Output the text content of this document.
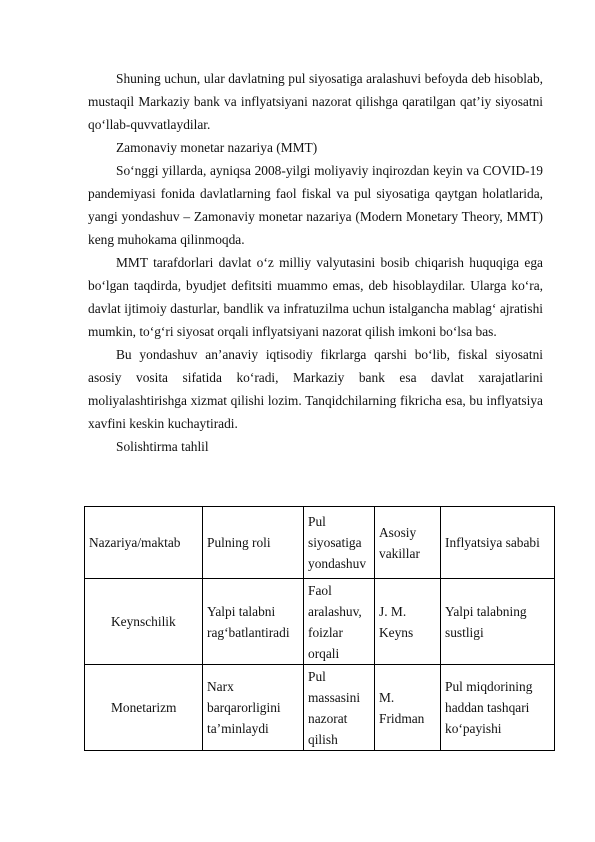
Shuning uchun, ular davlatning pul siyosatiga aralashuvi befoyda deb hisoblab, mustaqil Markaziy bank va inflyatsiyani nazorat qilishga qaratilgan qat’iy siyosatni qo‘llab-quvvatlaydilar.

Zamonaviy monetar nazariya (MMT)

So‘nggi yillarda, ayniqsa 2008-yilgi moliyaviy inqirozdan keyin va COVID-19 pandemiyasi fonida davlatlarning faol fiskal va pul siyosatiga qaytgan holatlarida, yangi yondashuv – Zamonaviy monetar nazariya (Modern Monetary Theory, MMT) keng muhokama qilinmoqda.

MMT tarafdorlari davlat o‘z milliy valyutasini bosib chiqarish huquqiga ega bo‘lgan taqdirda, byudjet defitsiti muammo emas, deb hisoblaydilar. Ularga ko‘ra, davlat ijtimoiy dasturlar, bandlik va infratuzilma uchun istalgancha mablag‘ ajratishi mumkin, to‘g‘ri siyosat orqali inflyatsiyani nazorat qilish imkoni bo‘lsa bas.

Bu yondashuv an’anaviy iqtisodiy fikrlarga qarshi bo‘lib, fiskal siyosatni asosiy vosita sifatida ko‘radi, Markaziy bank esa davlat xarajatlarini moliyalashtirishga xizmat qilishi lozim. Tanqidchilarning fikricha esa, bu inflyatsiya xavfini keskin kuchaytiradi.

Solishtirma tahlil

Nazariya/maktab	Pulning roli	Pul siyosatiga yondashuv	Asosiy vakillar	Inflyatsiya sababi
Keynschilik	Yalpi talabni rag‘batlantiradi	Faol aralashuv, foizlar orqali	J. M. Keyns	Yalpi talabning sustligi
Monetarizm	Narx barqarorligini ta’minlaydi	Pul massasini nazorat qilish	M. Fridman	Pul miqdorining haddan tashqari ko‘payishi
